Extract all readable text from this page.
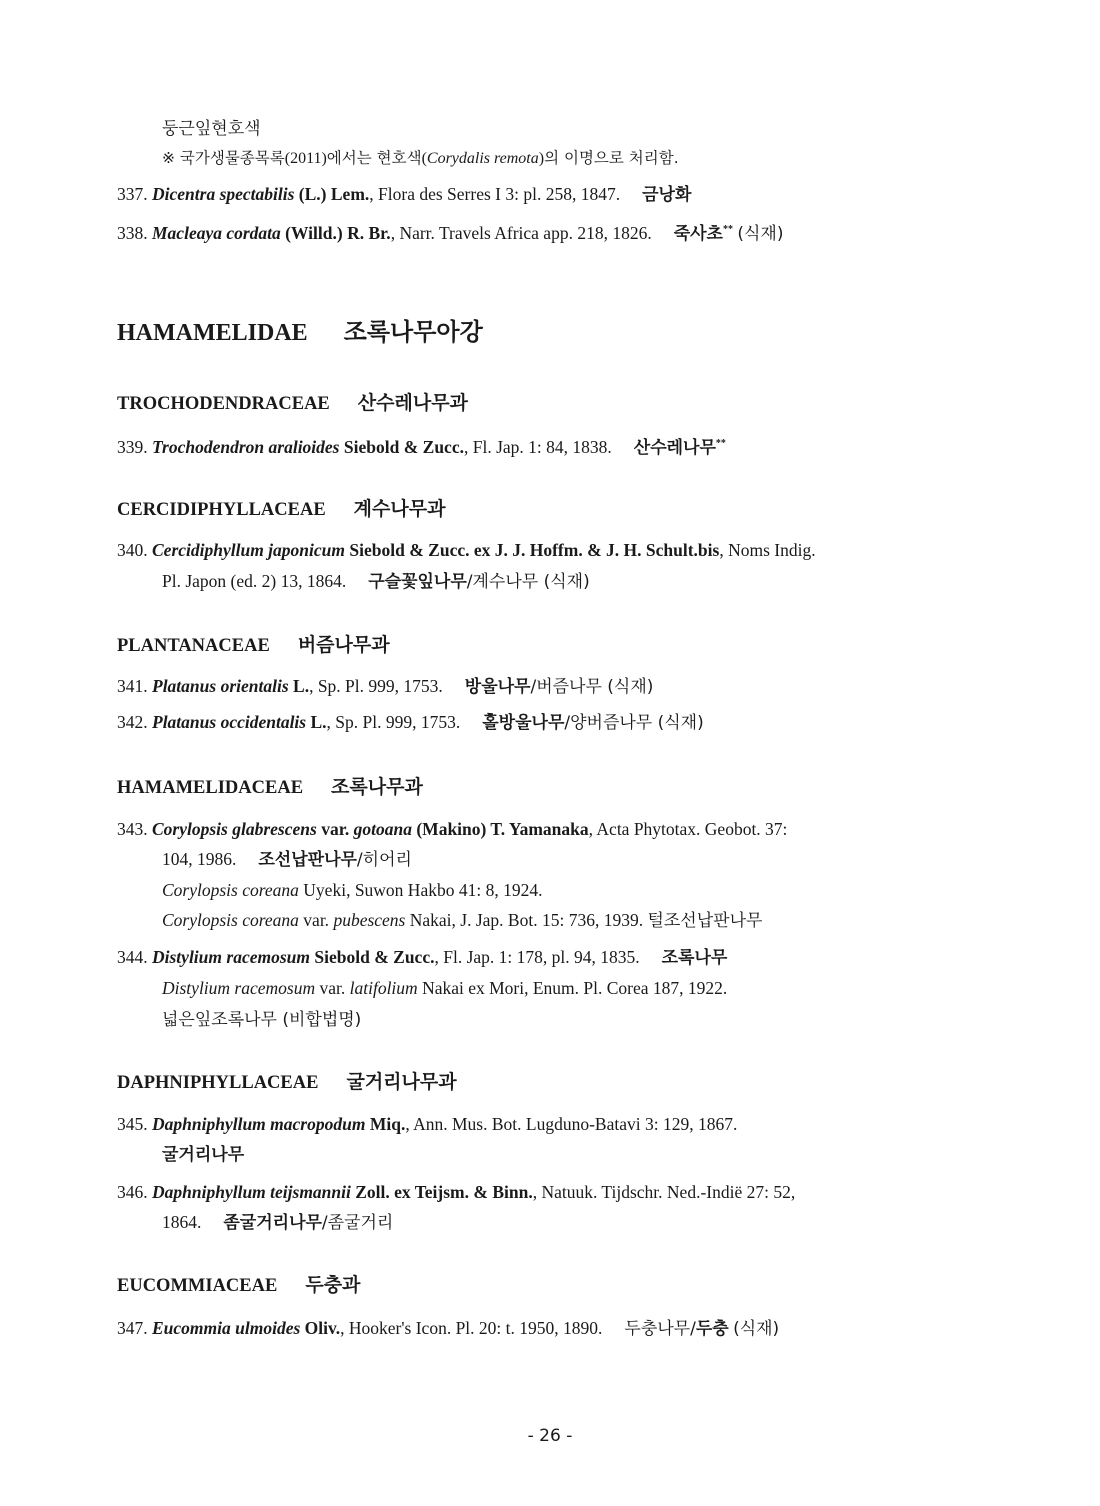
둥근잎현호색
※ 국가생물종목록(2011)에서는 현호색(Corydalis remota)의 이명으로 처리함.
337. Dicentra spectabilis (L.) Lem., Flora des Serres I 3: pl. 258, 1847. 금낭화
338. Macleaya cordata (Willd.) R. Br., Narr. Travels Africa app. 218, 1826. 죽사초** (식재)
HAMAMELIDAE 조록나무아강
TROCHODENDRACEAE 산수레나무과
339. Trochodendron aralioides Siebold & Zucc., Fl. Jap. 1: 84, 1838. 산수레나무**
CERCIDIPHYLLACEAE 계수나무과
340. Cercidiphyllum japonicum Siebold & Zucc. ex J. J. Hoffm. & J. H. Schult.bis, Noms Indig.
Pl. Japon (ed. 2) 13, 1864. 구슬꽃잎나무/계수나무 (식재)
PLANTANACEAE 버즘나무과
341. Platanus orientalis L., Sp. Pl. 999, 1753. 방울나무/버즘나무 (식재)
342. Platanus occidentalis L., Sp. Pl. 999, 1753. 홀방울나무/양버즘나무 (식재)
HAMAMELIDACEAE 조록나무과
343. Corylopsis glabrescens var. gotoana (Makino) T. Yamanaka, Acta Phytotax. Geobot. 37:
104, 1986. 조선납판나무/히어리
Corylopsis coreana Uyeki, Suwon Hakbo 41: 8, 1924.
Corylopsis coreana var. pubescens Nakai, J. Jap. Bot. 15: 736, 1939. 털조선납판나무
344. Distylium racemosum Siebold & Zucc., Fl. Jap. 1: 178, pl. 94, 1835. 조록나무
Distylium racemosum var. latifolium Nakai ex Mori, Enum. Pl. Corea 187, 1922.
넓은잎조록나무 (비합법명)
DAPHNIPHYLLACEAE 굴거리나무과
345. Daphniphyllum macropodum Miq., Ann. Mus. Bot. Lugduno-Batavi 3: 129, 1867.
굴거리나무
346. Daphniphyllum teijsmannii Zoll. ex Teijsm. & Binn., Natuuk. Tijdschr. Ned.-Indië 27: 52,
1864. 좀굴거리나무/좀굴거리
EUCOMMIACEAE 두충과
347. Eucommia ulmoides Oliv., Hooker's Icon. Pl. 20: t. 1950, 1890. 두충나무/두충 (식재)
- 26 -
